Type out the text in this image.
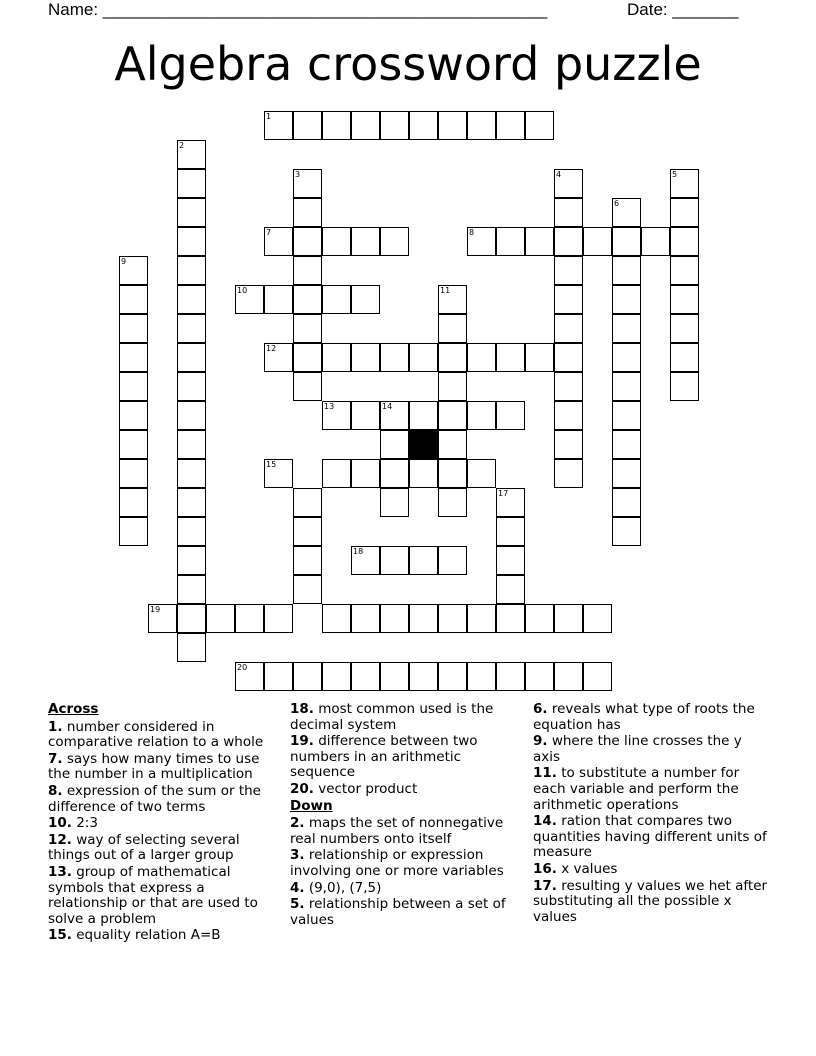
Name: _______________________________________________	Date: _______
Algebra crossword puzzle
1
2
3	4	5
6
7	8
9
10	11
12
13	14
15
17
18
19
20
Across
1. number considered in comparative relation to a whole
7. says how many times to use the number in a multiplication
8. expression of the sum or the difference of two terms
10. 2:3
12. way of selecting several things out of a larger group
13. group of mathematical symbols that express a relationship or that are used to solve a problem
15. equality relation A=B
18. most common used is the decimal system
19. difference between two numbers in an arithmetic sequence
20. vector product
Down
2. maps the set of nonnegative real numbers onto itself
3. relationship or expression involving one or more variables
4. (9,0), (7,5)
5. relationship between a set of values
6. reveals what type of roots the equation has
9. where the line crosses the y axis
11. to substitute a number for each variable and perform the arithmetic operations
14. ration that compares two quantities having different units of measure
16. x values
17. resulting y values we het after substituting all the possible x values
